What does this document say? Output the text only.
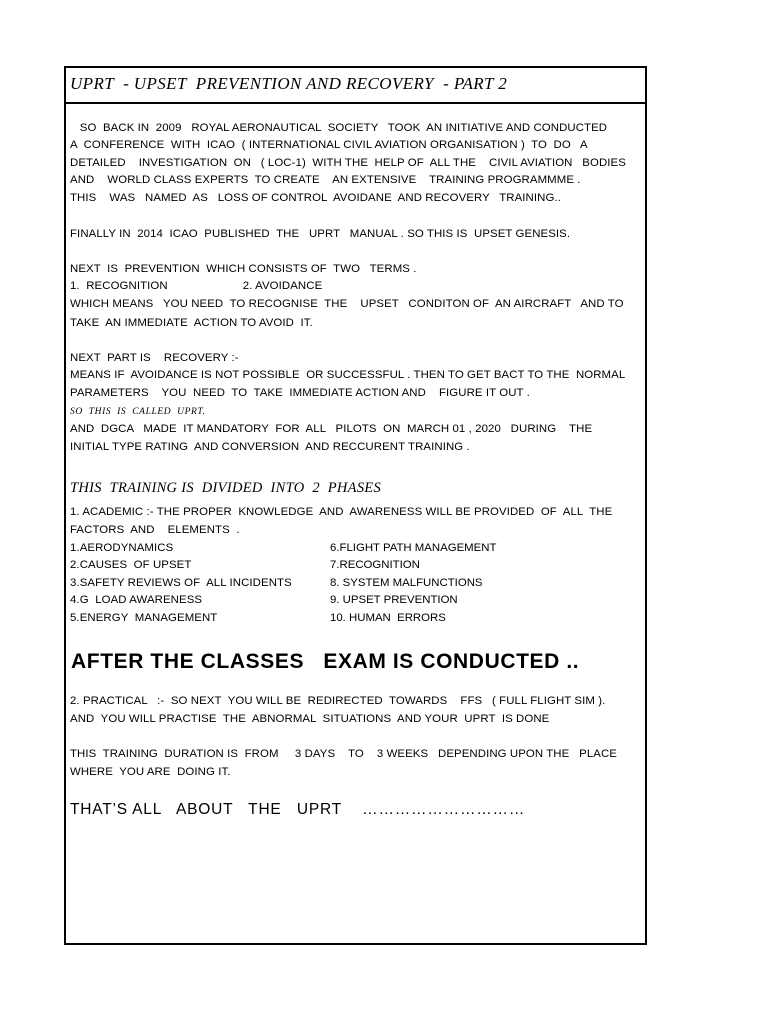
UPRT  - UPSET  PREVENTION AND RECOVERY  - PART 2
SO  BACK IN  2009   ROYAL AERONAUTICAL  SOCIETY   TOOK  AN INITIATIVE AND CONDUCTED
A  CONFERENCE  WITH  ICAO  ( INTERNATIONAL CIVIL AVIATION ORGANISATION )  TO  DO   A
DETAILED    INVESTIGATION  ON   ( LOC-1)  WITH THE  HELP OF  ALL THE    CIVIL AVIATION   BODIES
AND    WORLD CLASS EXPERTS  TO CREATE    AN EXTENSIVE    TRAINING PROGRAMMME .
THIS    WAS   NAMED  AS   LOSS OF CONTROL  AVOIDANE  AND RECOVERY   TRAINING..
FINALLY IN  2014  ICAO  PUBLISHED  THE   UPRT   MANUAL . SO THIS IS  UPSET GENESIS.
NEXT  IS  PREVENTION  WHICH CONSISTS OF  TWO   TERMS .
1.  RECOGNITION                       2. AVOIDANCE
WHICH MEANS   YOU NEED  TO RECOGNISE  THE    UPSET   CONDITON OF  AN AIRCRAFT   AND TO
TAKE  AN IMMEDIATE  ACTION TO AVOID  IT.
NEXT  PART IS    RECOVERY :-
MEANS IF  AVOIDANCE IS NOT POSSIBLE  OR SUCCESSFUL . THEN TO GET BACT TO THE  NORMAL
PARAMETERS    YOU  NEED  TO  TAKE  IMMEDIATE ACTION AND    FIGURE IT OUT .
SO  THIS  IS  CALLED  UPRT.
AND  DGCA   MADE  IT MANDATORY  FOR  ALL   PILOTS  ON  MARCH 01 , 2020   DURING    THE
INITIAL TYPE RATING  AND CONVERSION  AND RECCURENT TRAINING .
THIS  TRAINING IS  DIVIDED  INTO  2  PHASES
1. ACADEMIC :- THE PROPER  KNOWLEDGE  AND  AWARENESS WILL BE PROVIDED  OF  ALL  THE
FACTORS  AND    ELEMENTS  .
1.AERODYNAMICS
2.CAUSES  OF UPSET
3.SAFETY REVIEWS OF  ALL INCIDENTS
4.G  LOAD AWARENESS
5.ENERGY  MANAGEMENT
6.FLIGHT PATH MANAGEMENT
7.RECOGNITION
8. SYSTEM MALFUNCTIONS
9. UPSET PREVENTION
10. HUMAN  ERRORS
AFTER THE CLASSES   EXAM IS CONDUCTED ..
2. PRACTICAL   :-  SO NEXT  YOU WILL BE  REDIRECTED  TOWARDS    FFS   ( FULL FLIGHT SIM ).
AND  YOU WILL PRACTISE  THE  ABNORMAL  SITUATIONS  AND YOUR  UPRT  IS DONE
THIS  TRAINING  DURATION IS  FROM     3 DAYS    TO    3 WEEKS   DEPENDING UPON THE   PLACE
WHERE  YOU ARE  DOING IT.
THAT’S ALL   ABOUT   THE   UPRT    …………………………
